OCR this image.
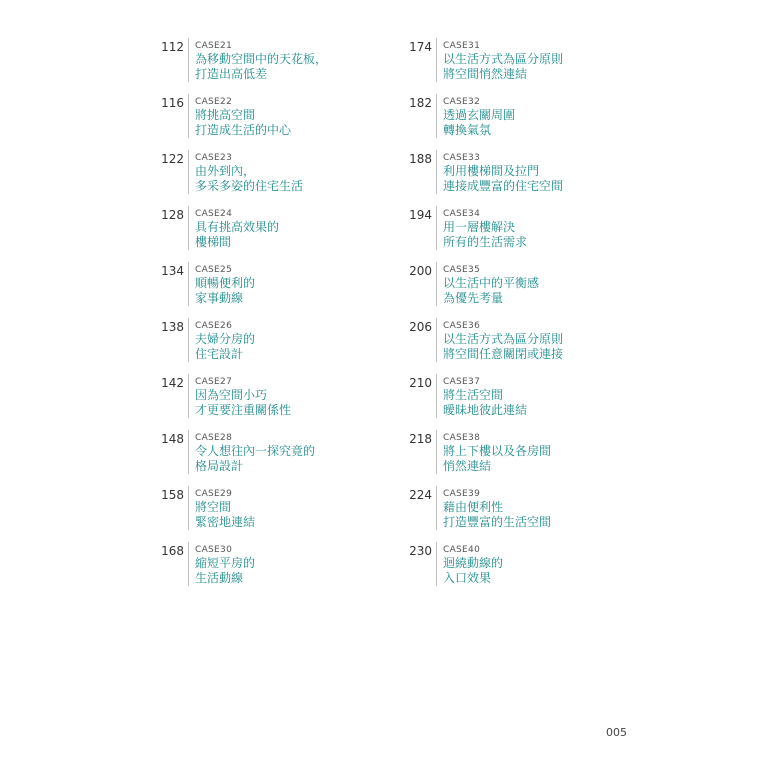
112 CASE21
為移動空間中的天花板，
打造出高低差
116 CASE22
將挑高空間
打造成生活的中心
122 CASE23
由外到內，
多采多姿的住宅生活
128 CASE24
具有挑高效果的
樓梯間
134 CASE25
順暢便利的
家事動線
138 CASE26
夫婦分房的
住宅設計
142 CASE27
因為空間小巧
才更要注重關係性
148 CASE28
令人想往內一探究竟的
格局設計
158 CASE29
將空間
緊密地連結
168 CASE30
縮短平房的
生活動線
174 CASE31
以生活方式為區分原則
將空間悄然連結
182 CASE32
透過玄關周圍
轉換氣氛
188 CASE33
利用樓梯間及拉門
連接成豐富的住宅空間
194 CASE34
用一層樓解決
所有的生活需求
200 CASE35
以生活中的平衡感
為優先考量
206 CASE36
以生活方式為區分原則
將空間任意關閉或連接
210 CASE37
將生活空間
曖昧地彼此連結
218 CASE38
將上下樓以及各房間
悄然連結
224 CASE39
藉由便利性
打造豐富的生活空間
230 CASE40
迴繞動線的
入口效果
005
